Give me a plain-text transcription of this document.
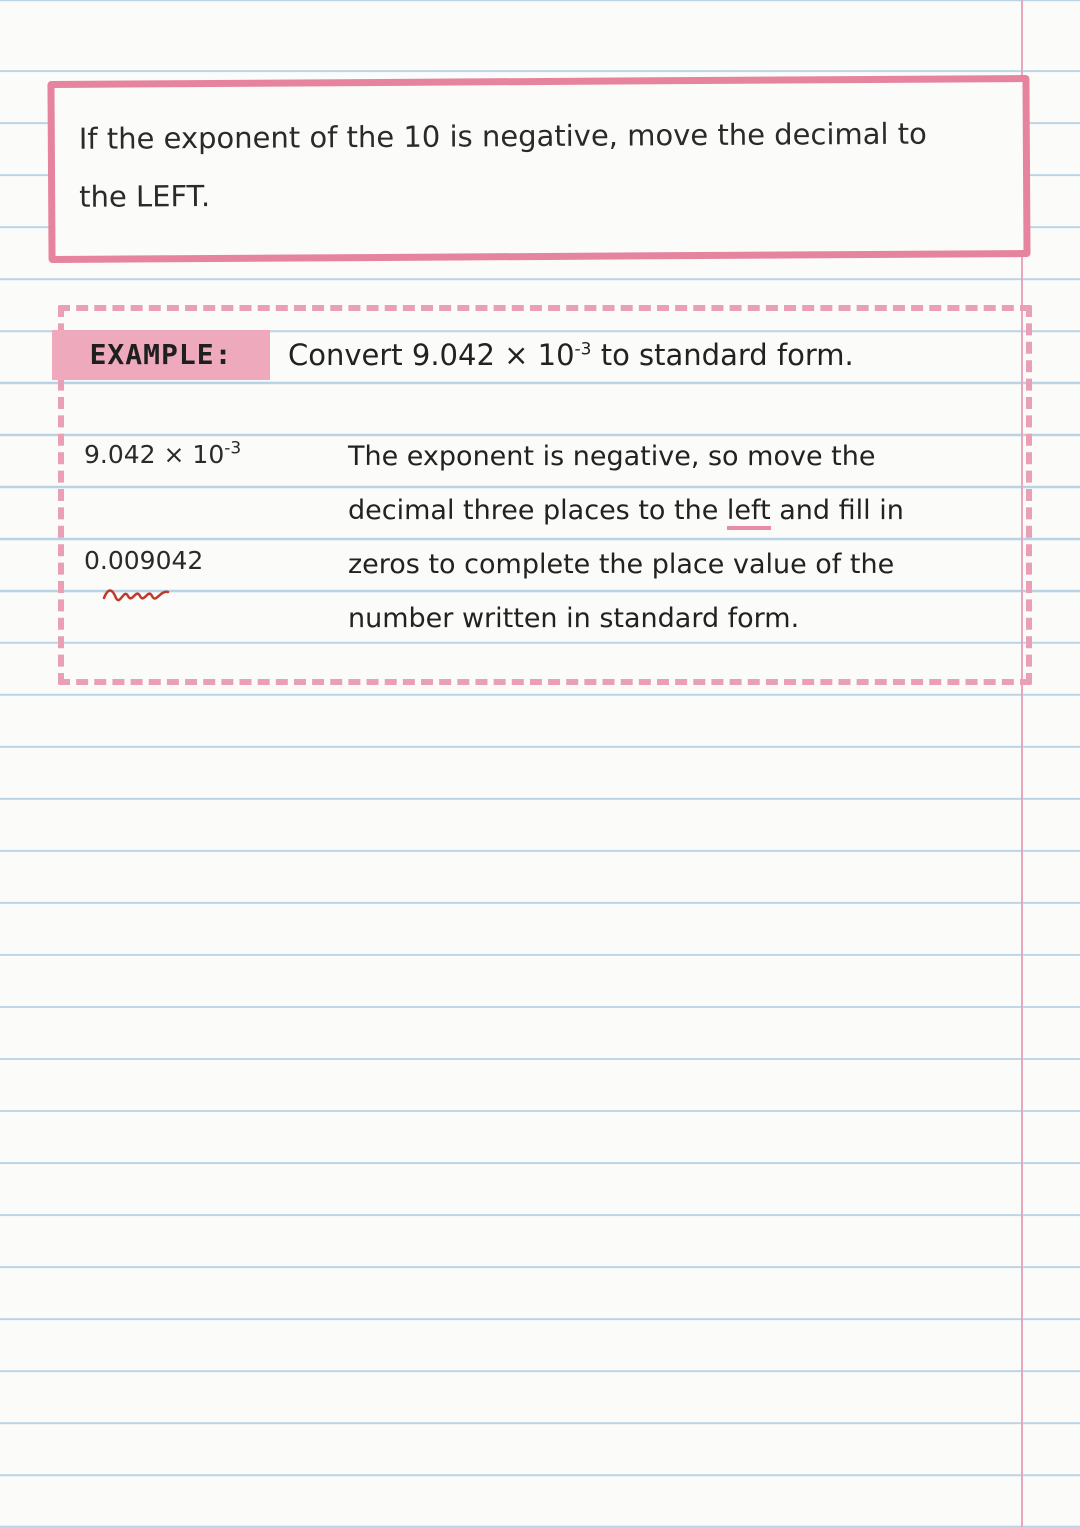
If the exponent of the 10 is negative, move the decimal to
the LEFT.
EXAMPLE:	Convert $9.042 \times 10^{-3}$ to standard form.
$9.042 \times 10^{-3}$
0.009042
The exponent is negative, so move the decimal three places to the left and fill in zeros to complete the place value of the number written in standard form.
